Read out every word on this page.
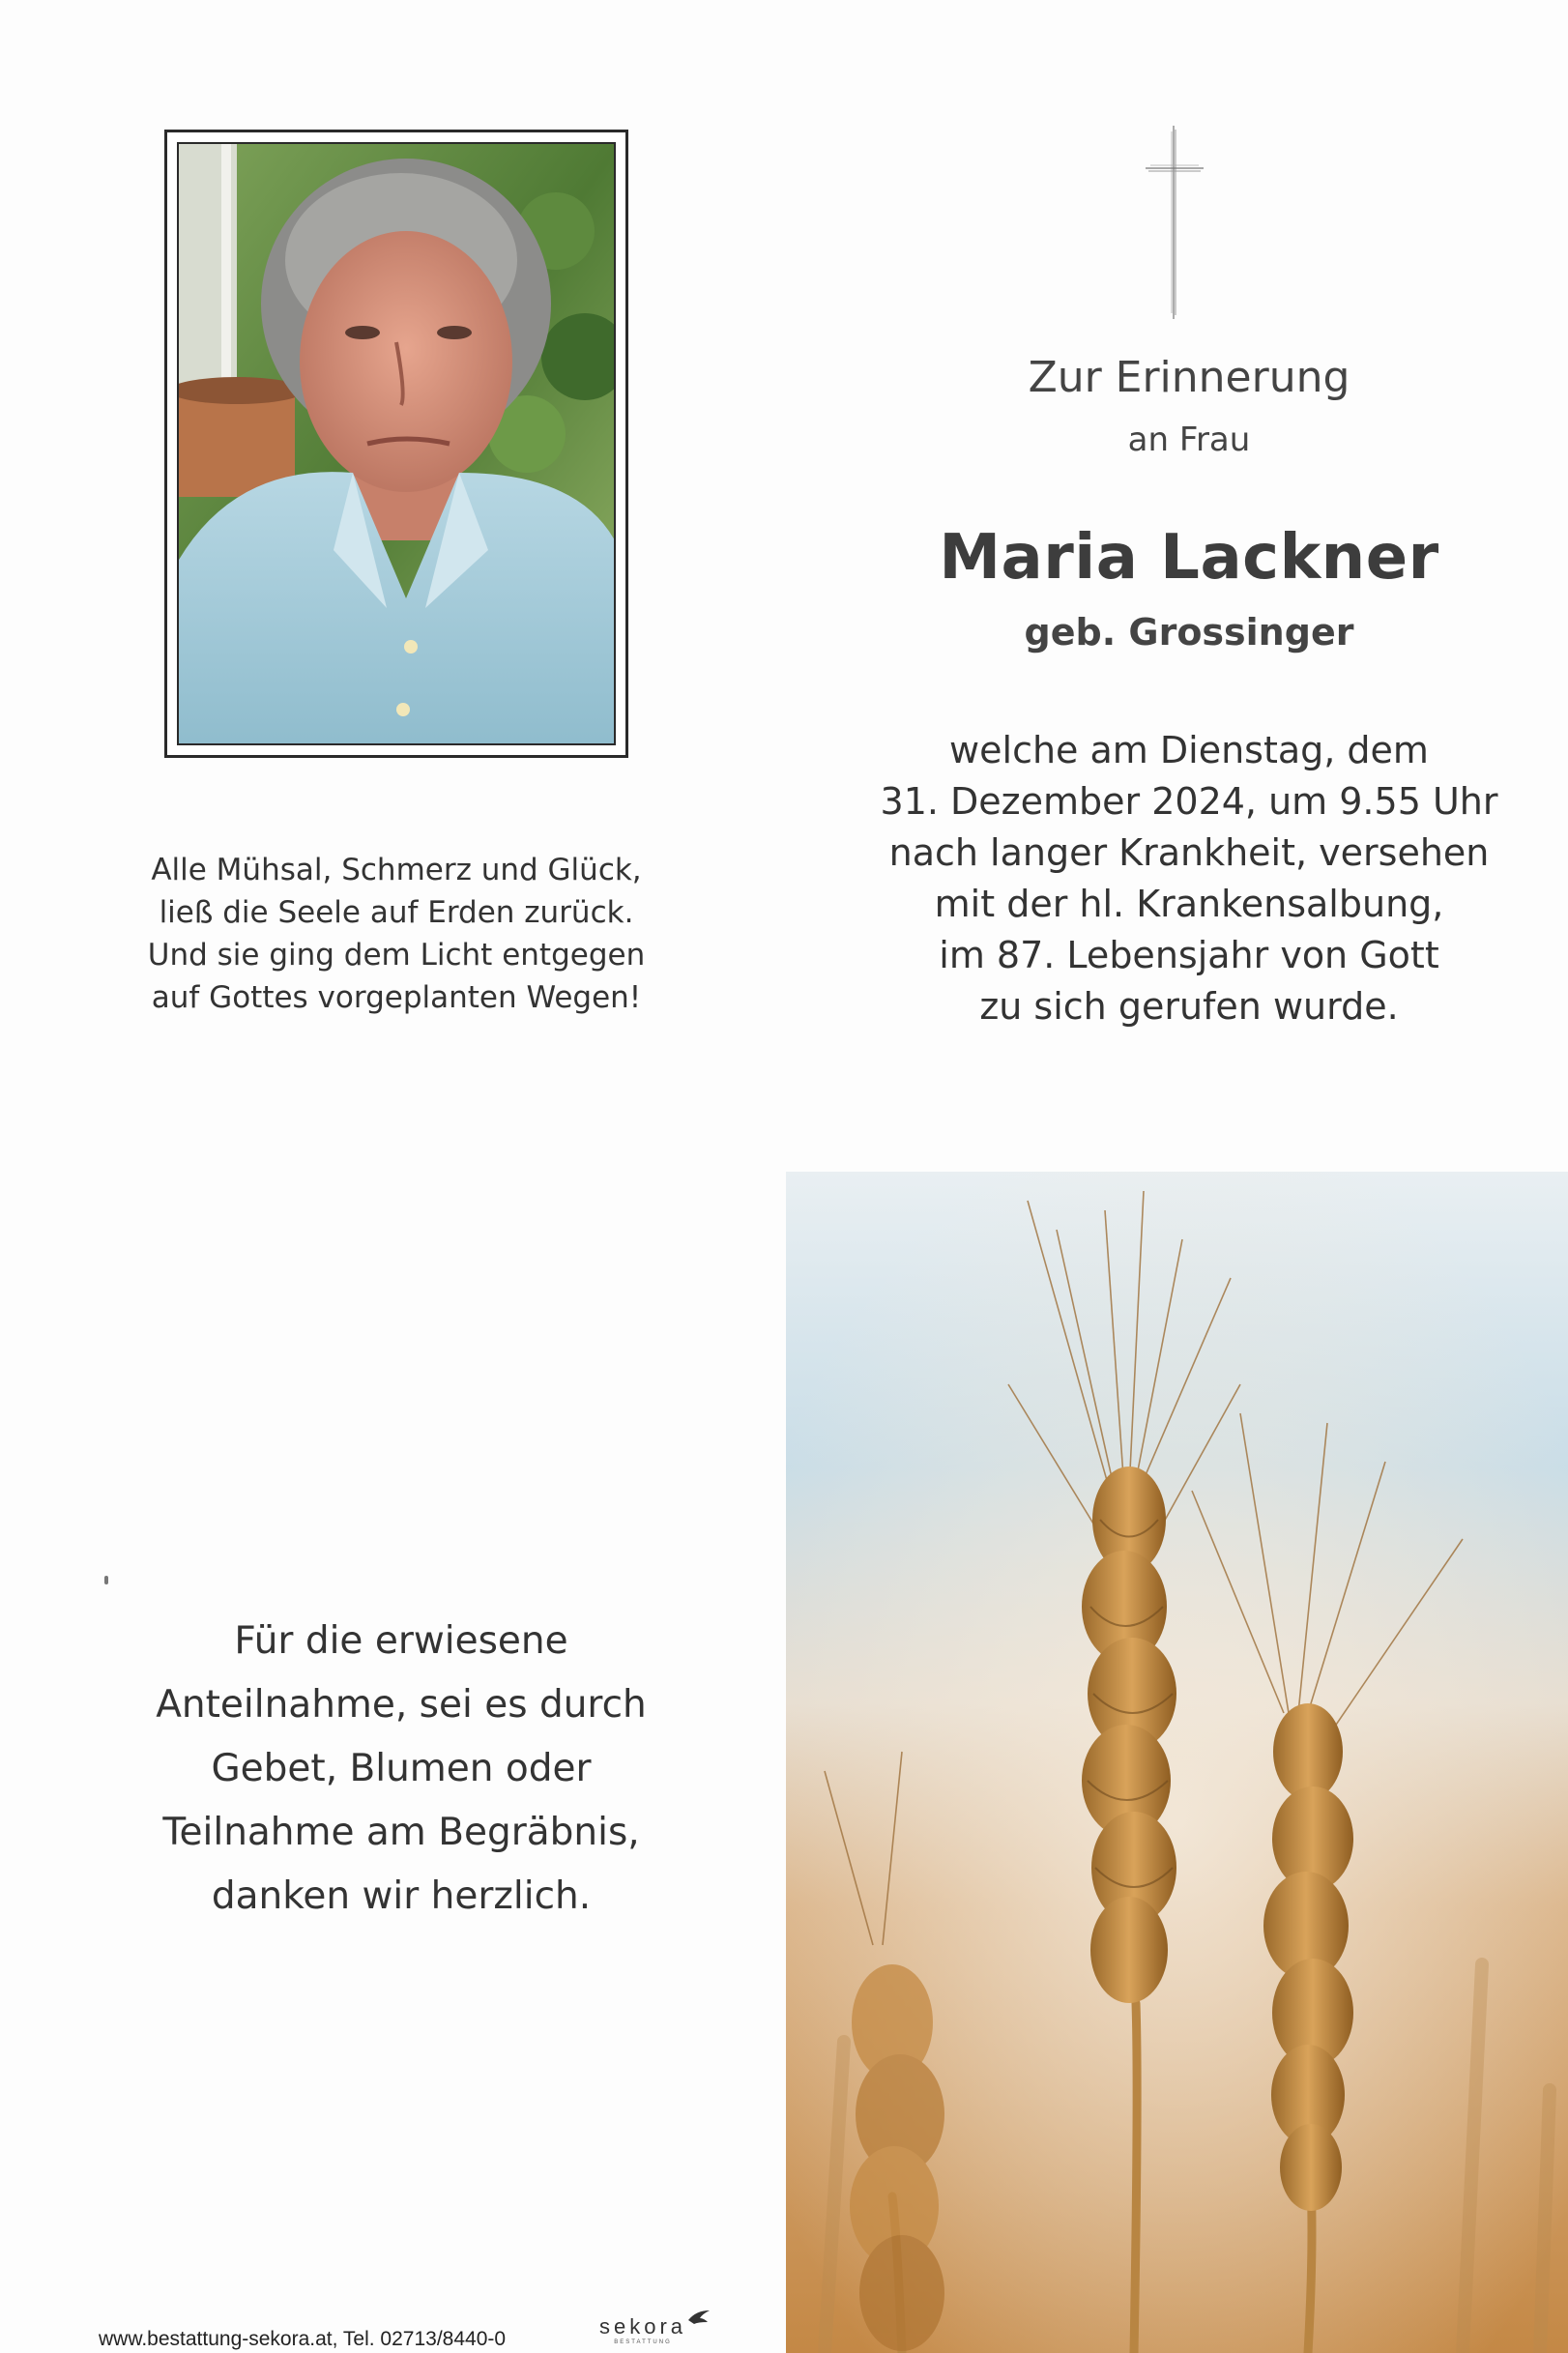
Zur Erinnerung
an Frau
Maria Lackner
geb. Grossinger
welche am Dienstag, dem
31. Dezember 2024, um 9.55 Uhr
nach langer Krankheit, versehen
mit der hl. Krankensalbung,
im 87. Lebensjahr von Gott
zu sich gerufen wurde.
Alle Mühsal, Schmerz und Glück,
ließ die Seele auf Erden zurück.
Und sie ging dem Licht entgegen
auf Gottes vorgeplanten Wegen!
Für die erwiesene
Anteilnahme, sei es durch
Gebet, Blumen oder
Teilnahme am Begräbnis,
danken wir herzlich.
www.bestattung-sekora.at, Tel. 02713/8440-0
sekora
BESTATTUNG
